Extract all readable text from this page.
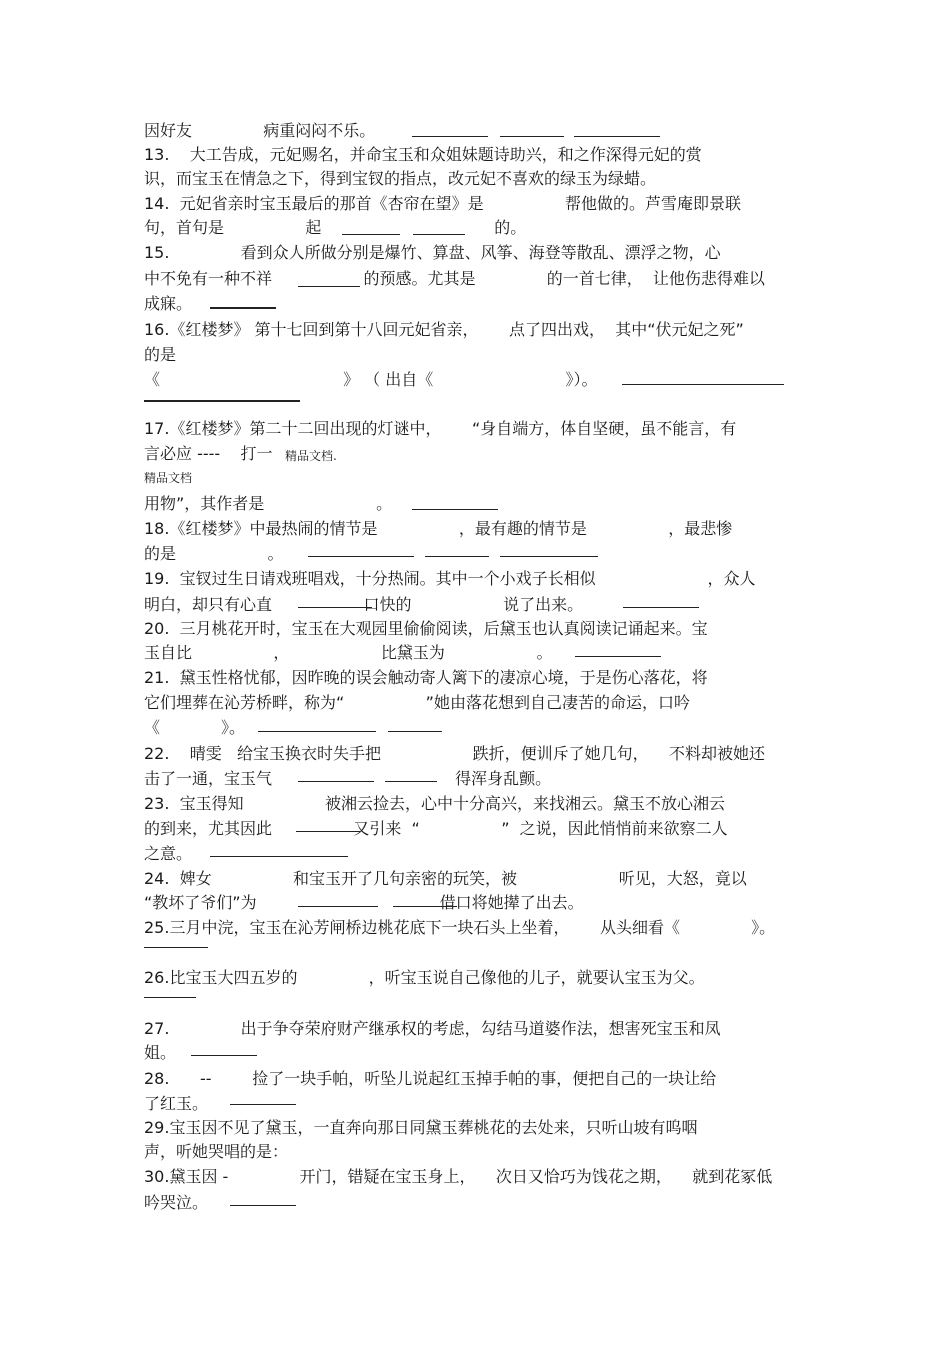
因好友              病重闷闷不乐。
13.    大工告成，元妃赐名，并命宝玉和众姐妹题诗助兴，和之作深得元妃的赏
识，而宝玉在情急之下，得到宝钗的指点，改元妃不喜欢的绿玉为绿蜡。
14.  元妃省亲时宝玉最后的那首《杏帘在望》是                帮他做的。芦雪庵即景联
句，首句是                起                                  的。
15.              看到众人所做分别是爆竹、算盘、风筝、海登等散乱、漂浮之物，心
中不免有一种不祥                  的预感。尤其是              的一首七律，  让他伤悲得难以
成寐。
16.《红楼梦》 第十七回到第十八回元妃省亲，      点了四出戏，  其中“伏元妃之死”
的是
《                                    》 （ 出自《                          》）。
17.《红楼梦》第二十二回出现的灯谜中，      “身自端方，体自坚硬，虽不能言，有
言必应 ----    打一 精品文档.
精品文档
用物”，其作者是                      。
18.《红楼梦》中最热闹的情节是                ，最有趣的情节是                ，最悲惨
的是                  。
19.  宝钗过生日请戏班唱戏，十分热闹。其中一个小戏子长相似                      ，众人
明白，却只有心直                  口快的                  说了出来。
20.  三月桃花开时，宝玉在大观园里偷偷阅读，后黛玉也认真阅读记诵起来。宝
玉自比                ，                  比黛玉为                  。
21.  黛玉性格忧郁，因昨晚的误会触动寄人篱下的凄凉心境，于是伤心落花，将
它们埋葬在沁芳桥畔，称为“                ”她由落花想到自己凄苦的命运，口吟
《            》。
22.    晴雯   给宝玉换衣时失手把                  跌折，便训斥了她几句，    不料却被她还
击了一通，宝玉气                                    得浑身乱颤。
23.  宝玉得知                被湘云捡去，心中十分高兴，来找湘云。黛玉不放心湘云
的到来，尤其因此                又引来  “                ”  之说，因此悄悄前来欲察二人
之意。
24.  婢女                和宝玉开了几句亲密的玩笑，被                    听见，大怒，竟以
“教坏了爷们”为                                    借口将她撵了出去。
25.三月中浣，宝玉在沁芳闸桥边桃花底下一块石头上坐着，      从头细看《              》。
26.比宝玉大四五岁的              ，听宝玉说自己像他的儿子，就要认宝玉为父。
27.              出于争夺荣府财产继承权的考虑，勾结马道婆作法，想害死宝玉和凤
姐。
28.      --        捡了一块手帕，听坠儿说起红玉掉手帕的事，便把自己的一块让给
了红玉。
29.宝玉因不见了黛玉，一直奔向那日同黛玉葬桃花的去处来，只听山坡有呜咽
声，听她哭唱的是：
30.黛玉因 -              开门，错疑在宝玉身上，    次日又恰巧为饯花之期，    就到花冢低
吟哭泣。
